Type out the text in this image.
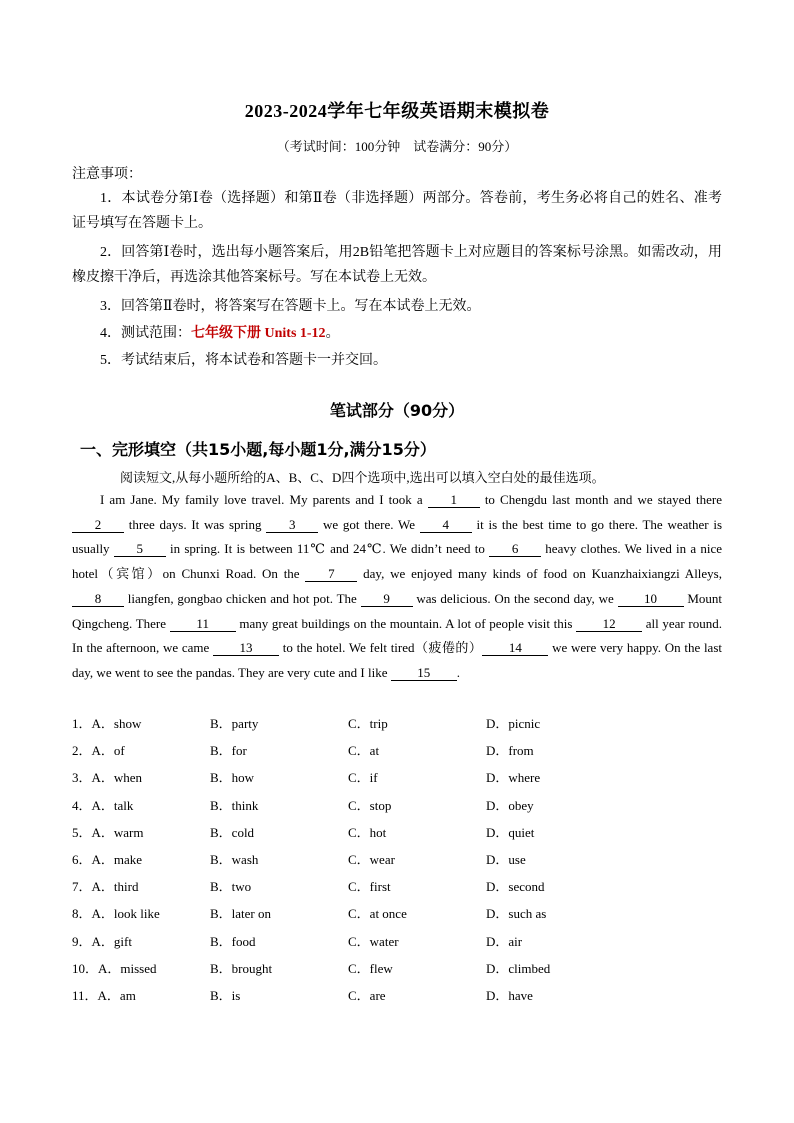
2023-2024学年七年级英语期末模拟卷
（考试时间：100分钟　试卷满分：90分）
注意事项：
1．本试卷分第Ⅰ卷（选择题）和第Ⅱ卷（非选择题）两部分。答卷前，考生务必将自己的姓名、准考证号填写在答题卡上。
2．回答第Ⅰ卷时，选出每小题答案后，用2B铅笔把答题卡上对应题目的答案标号涂黑。如需改动，用橡皮擦干净后，再选涂其他答案标号。写在本试卷上无效。
3．回答第Ⅱ卷时，将答案写在答题卡上。写在本试卷上无效。
4．测试范围：七年级下册 Units 1-12。
5．考试结束后，将本试卷和答题卡一并交回。
笔试部分（90分）
一、完形填空（共15小题,每小题1分,满分15分）
阅读短文,从每小题所给的A、B、C、D四个选项中,选出可以填入空白处的最佳选项。
I am Jane. My family love travel. My parents and I took a 1 to Chengdu last month and we stayed there 2 three days. It was spring 3 we got there. We 4 it is the best time to go there. The weather is usually 5 in spring. It is between 11℃ and 24℃. We didn’t need to 6 heavy clothes. We lived in a nice hotel（宾馆）on Chunxi Road. On the 7 day, we enjoyed many kinds of food on Kuanzhaixiangzi Alleys, 8 liangfen, gongbao chicken and hot pot. The 9 was delicious. On the second day, we 10 Mount Qingcheng. There 11 many great buildings on the mountain. A lot of people visit this 12 all year round. In the afternoon, we came 13 to the hotel. We felt tired（疲倦的） 14 we were very happy. On the last day, we went to see the pandas. They are very cute and I like 15 .
1．A．show	B．party	C．trip	D．picnic
2．A．of	B．for	C．at	D．from
3．A．when	B．how	C．if	D．where
4．A．talk	B．think	C．stop	D．obey
5．A．warm	B．cold	C．hot	D．quiet
6．A．make	B．wash	C．wear	D．use
7．A．third	B．two	C．first	D．second
8．A．look like	B．later on	C．at once	D．such as
9．A．gift	B．food	C．water	D．air
10．A．missed	B．brought	C．flew	D．climbed
11．A．am	B．is	C．are	D．have
